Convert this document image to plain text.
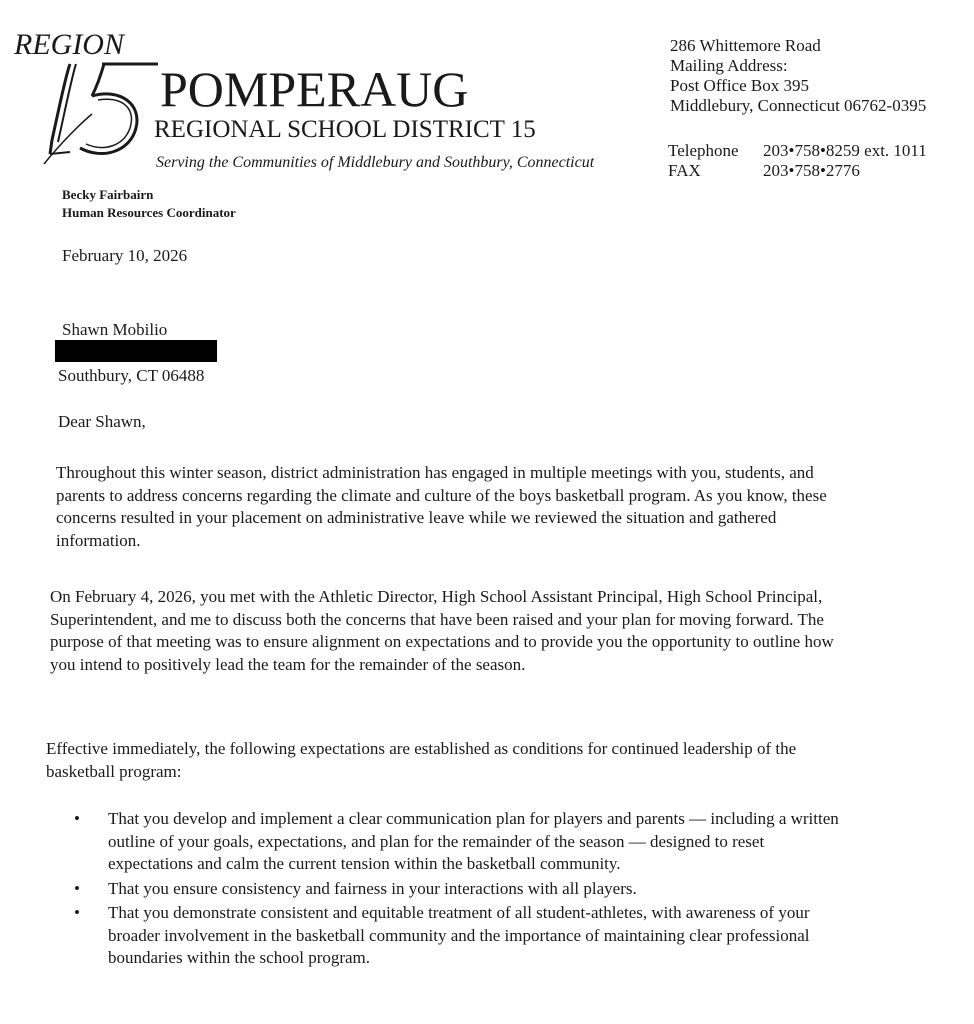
REGION
POMPERAUG
REGIONAL SCHOOL DISTRICT 15
Serving the Communities of Middlebury and Southbury, Connecticut
Becky Fairbairn
Human Resources Coordinator
286 Whittemore Road
Mailing Address:
Post Office Box 395
Middlebury, Connecticut 06762-0395
Telephone	203•758•8259 ext. 1011
FAX	203•758•2776
February 10, 2026
Shawn Mobilio
Southbury, CT 06488
Dear Shawn,

Throughout this winter season, district administration has engaged in multiple meetings with you, students, and parents to address concerns regarding the climate and culture of the boys basketball program. As you know, these concerns resulted in your placement on administrative leave while we reviewed the situation and gathered information.

On February 4, 2026, you met with the Athletic Director, High School Assistant Principal, High School Principal, Superintendent, and me to discuss both the concerns that have been raised and your plan for moving forward. The purpose of that meeting was to ensure alignment on expectations and to provide you the opportunity to outline how you intend to positively lead the team for the remainder of the season.

Effective immediately, the following expectations are established as conditions for continued leadership of the basketball program:

• That you develop and implement a clear communication plan for players and parents — including a written outline of your goals, expectations, and plan for the remainder of the season — designed to reset expectations and calm the current tension within the basketball community.
• That you ensure consistency and fairness in your interactions with all players.
• That you demonstrate consistent and equitable treatment of all student-athletes, with awareness of your broader involvement in the basketball community and the importance of maintaining clear professional boundaries within the school program.
